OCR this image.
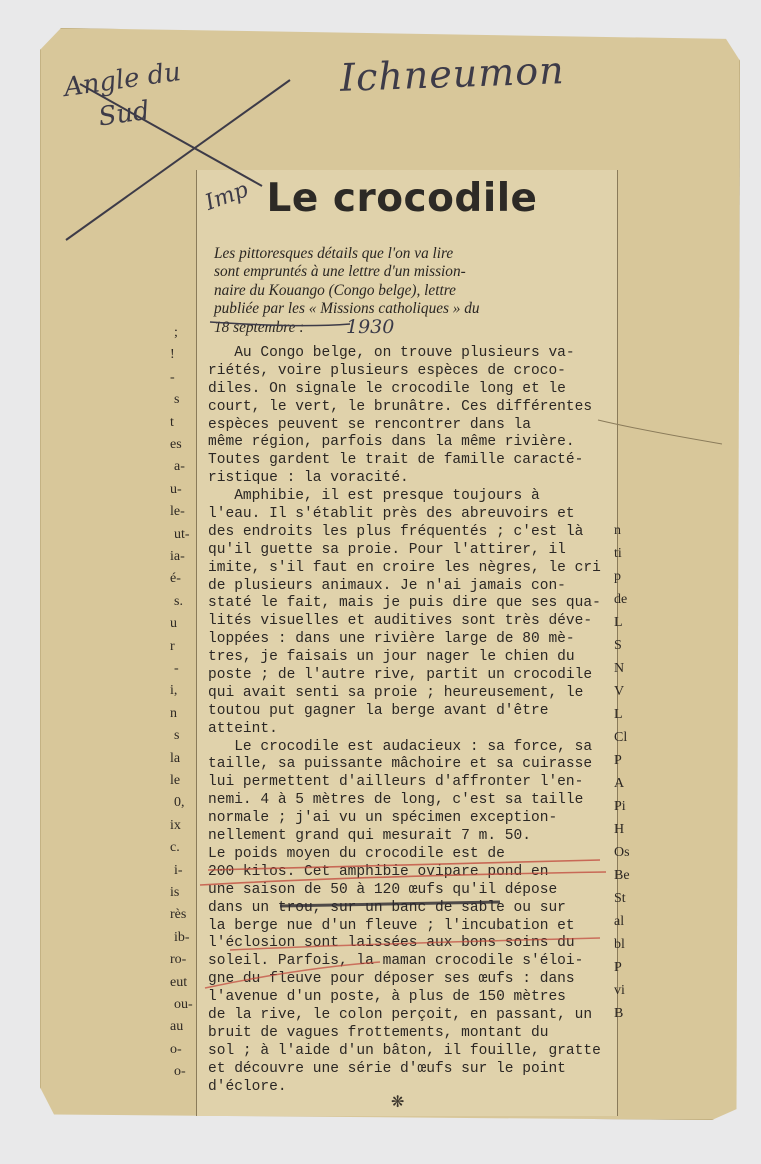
Ichneumon
Angle du
Sud
Imp Le crocodile

Les pittoresques détails que l'on va lire

sont empruntés à une lettre d'un mission-

naire du Kouango (Congo belge), lettre

publiée par les « Missions catholiques » du

18 septembre :	1930
Au Congo belge, on trouve plusieurs va-
riétés, voire plusieurs espèces de croco-
diles. On signale le crocodile long et le
court, le vert, le brunâtre. Ces différentes
espèces peuvent se rencontrer dans la
même région, parfois dans la même rivière.
Toutes gardent le trait de famille caracté-
ristique : la voracité.
Amphibie, il est presque toujours à
l'eau. Il s'établit près des abreuvoirs et
des endroits les plus fréquentés ; c'est là
qu'il guette sa proie. Pour l'attirer, il
imite, s'il faut en croire les nègres, le cri
de plusieurs animaux. Je n'ai jamais con-
staté le fait, mais je puis dire que ses qua-
lités visuelles et auditives sont très déve-
loppées : dans une rivière large de 80 mè-
tres, je faisais un jour nager le chien du
poste ; de l'autre rive, partit un crocodile
qui avait senti sa proie ; heureusement, le
toutou put gagner la berge avant d'être
atteint.
Le crocodile est audacieux : sa force, sa
taille, sa puissante mâchoire et sa cuirasse
lui permettent d'ailleurs d'affronter l'en-
nemi. 4 à 5 mètres de long, c'est sa taille
normale ; j'ai vu un spécimen exception-
nellement grand qui mesurait 7 m. 50.
Le poids moyen du crocodile est de
200 kilos. Cet amphibie ovipare pond en
une saison de 50 à 120 œufs qu'il dépose
dans un trou, sur un banc de sable ou sur
la berge nue d'un fleuve ; l'incubation et
l'éclosion sont laissées aux bons soins du
soleil. Parfois, la maman crocodile s'éloi-
gne du fleuve pour déposer ses œufs : dans
l'avenue d'un poste, à plus de 150 mètres
de la rive, le colon perçoit, en passant, un
bruit de vagues frottements, montant du
sol ; à l'aide d'un bâton, il fouille, gratte
et découvre une série d'œufs sur le point
d'éclore.
❋
;
!
-
s
t
es
a-
u-
le-
ut-
ia-
é-
s.
u
r
-
i,
n
s
la
le
0,
ix
c.
i-
is
rès
ib-
ro-
eut
ou-
au
o-
o-
n
ti
p
de
L
S
N
V
L
Cl
P
A
Pi
H
Os
Be
St
al
bl
P
vi
B
